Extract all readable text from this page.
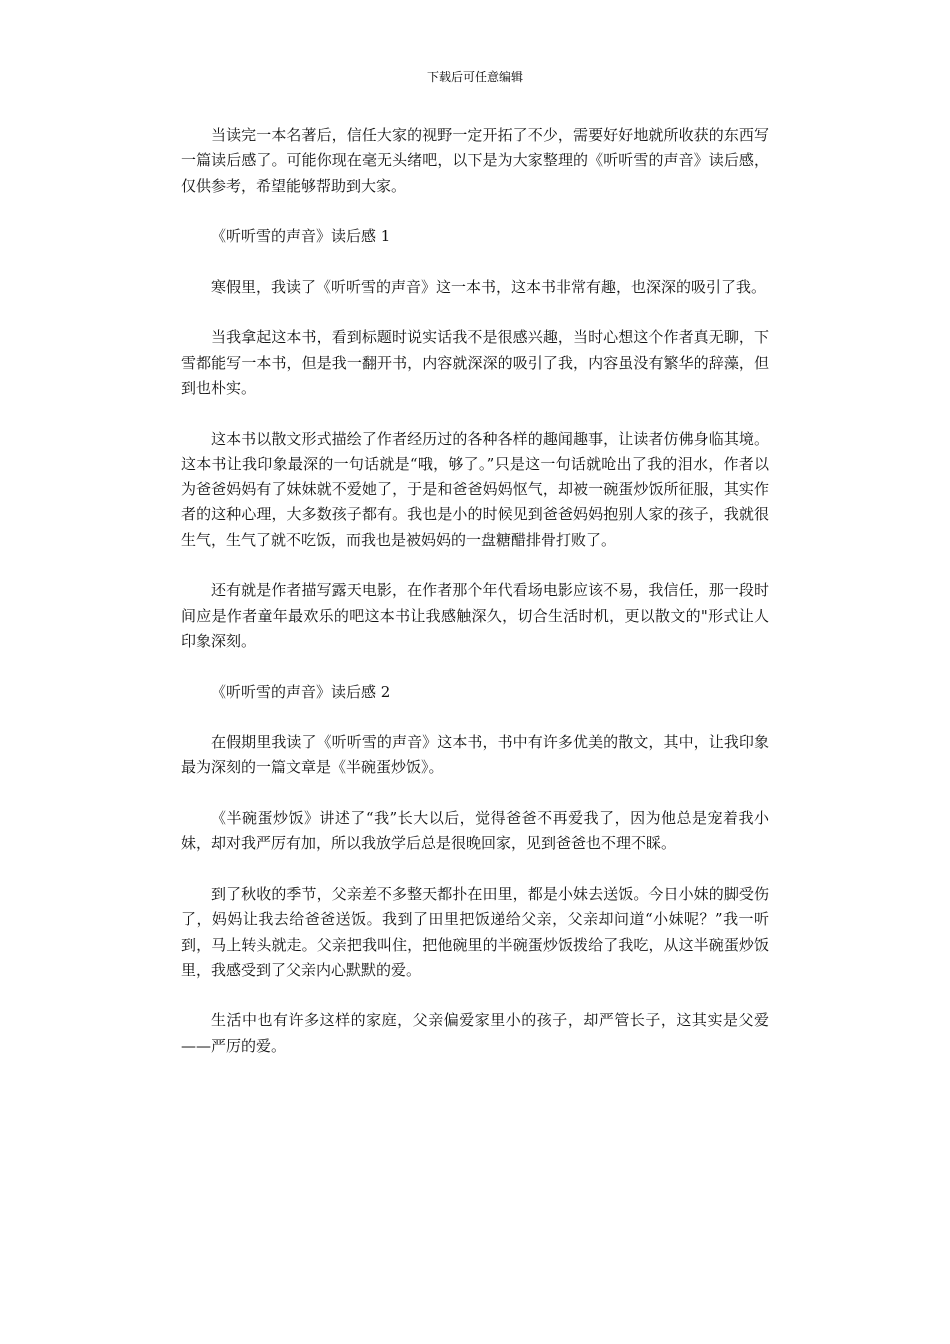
下载后可任意编辑

当读完一本名著后，信任大家的视野一定开拓了不少，需要好好地就所收获的东西写一篇读后感了。可能你现在毫无头绪吧，以下是为大家整理的《听听雪的声音》读后感，仅供参考，希望能够帮助到大家。

《听听雪的声音》读后感 1

寒假里，我读了《听听雪的声音》这一本书，这本书非常有趣，也深深的吸引了我。

当我拿起这本书，看到标题时说实话我不是很感兴趣，当时心想这个作者真无聊，下雪都能写一本书，但是我一翻开书，内容就深深的吸引了我，内容虽没有繁华的辞藻，但到也朴实。

这本书以散文形式描绘了作者经历过的各种各样的趣闻趣事，让读者仿佛身临其境。这本书让我印象最深的一句话就是“哦，够了。”只是这一句话就呛出了我的泪水，作者以为爸爸妈妈有了妹妹就不爱她了，于是和爸爸妈妈怄气，却被一碗蛋炒饭所征服，其实作者的这种心理，大多数孩子都有。我也是小的时候见到爸爸妈妈抱别人家的孩子，我就很生气，生气了就不吃饭，而我也是被妈妈的一盘糖醋排骨打败了。

还有就是作者描写露天电影，在作者那个年代看场电影应该不易，我信任，那一段时间应是作者童年最欢乐的吧这本书让我感触深久，切合生活时机，更以散文的"形式让人印象深刻。

《听听雪的声音》读后感 2

在假期里我读了《听听雪的声音》这本书，书中有许多优美的散文，其中，让我印象最为深刻的一篇文章是《半碗蛋炒饭》。

《半碗蛋炒饭》讲述了“我”长大以后，觉得爸爸不再爱我了，因为他总是宠着我小妹，却对我严厉有加，所以我放学后总是很晚回家，见到爸爸也不理不睬。

到了秋收的季节，父亲差不多整天都扑在田里，都是小妹去送饭。今日小妹的脚受伤了，妈妈让我去给爸爸送饭。我到了田里把饭递给父亲，父亲却问道“小妹呢？”我一听到，马上转头就走。父亲把我叫住，把他碗里的半碗蛋炒饭拨给了我吃，从这半碗蛋炒饭里，我感受到了父亲内心默默的爱。

生活中也有许多这样的家庭，父亲偏爱家里小的孩子，却严管长子，这其实是父爱——严厉的爱。
